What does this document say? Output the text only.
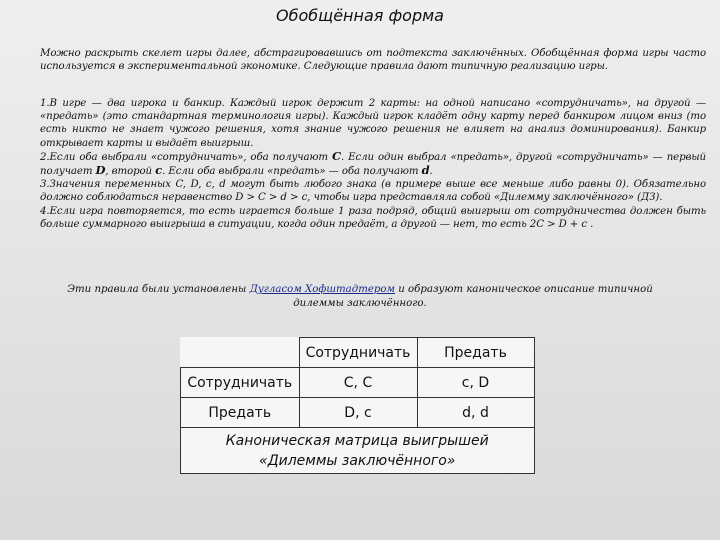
Обобщённая форма
Можно раскрыть скелет игры далее, абстрагировавшись от подтекста заключённых. Обобщённая форма игры часто используется в экспериментальной экономике. Следующие правила дают типичную реализацию игры.

1.В игре — два игрока и банкир. Каждый игрок держит 2 карты: на одной написано «сотрудничать», на другой — «предать» (это стандартная терминология игры). Каждый игрок кладёт одну карту перед банкиром лицом вниз (то есть никто не знает чужого решения, хотя знание чужого решения не влияет на анализ доминирования). Банкир открывает карты и выдаёт выигрыш.

2.Если оба выбрали «сотрудничать», оба получают C. Если один выбрал «предать», другой «сотрудничать» — первый получает D, второй c. Если оба выбрали «предать» — оба получают d.

3.Значения переменных C, D, c, d могут быть любого знака (в примере выше все меньше либо равны 0). Обязательно должно соблюдаться неравенство D > C > d > c, чтобы игра представляла собой «Дилемму заключённого» (ДЗ).

4.Если игра повторяется, то есть играется больше 1 раза подряд, общий выигрыш от сотрудничества должен быть больше суммарного выигрыша в ситуации, когда один предаёт, а другой — нет, то есть 2C > D + c .

Эти правила были установлены Дугласом Хофштадтером и образуют каноническое описание типичной дилеммы заключённого.
	Сотрудничать	Предать
Сотрудничать	C, C	c, D
Предать	D, c	d, d

Каноническая матрица выигрышей
«Дилеммы заключённого»		
